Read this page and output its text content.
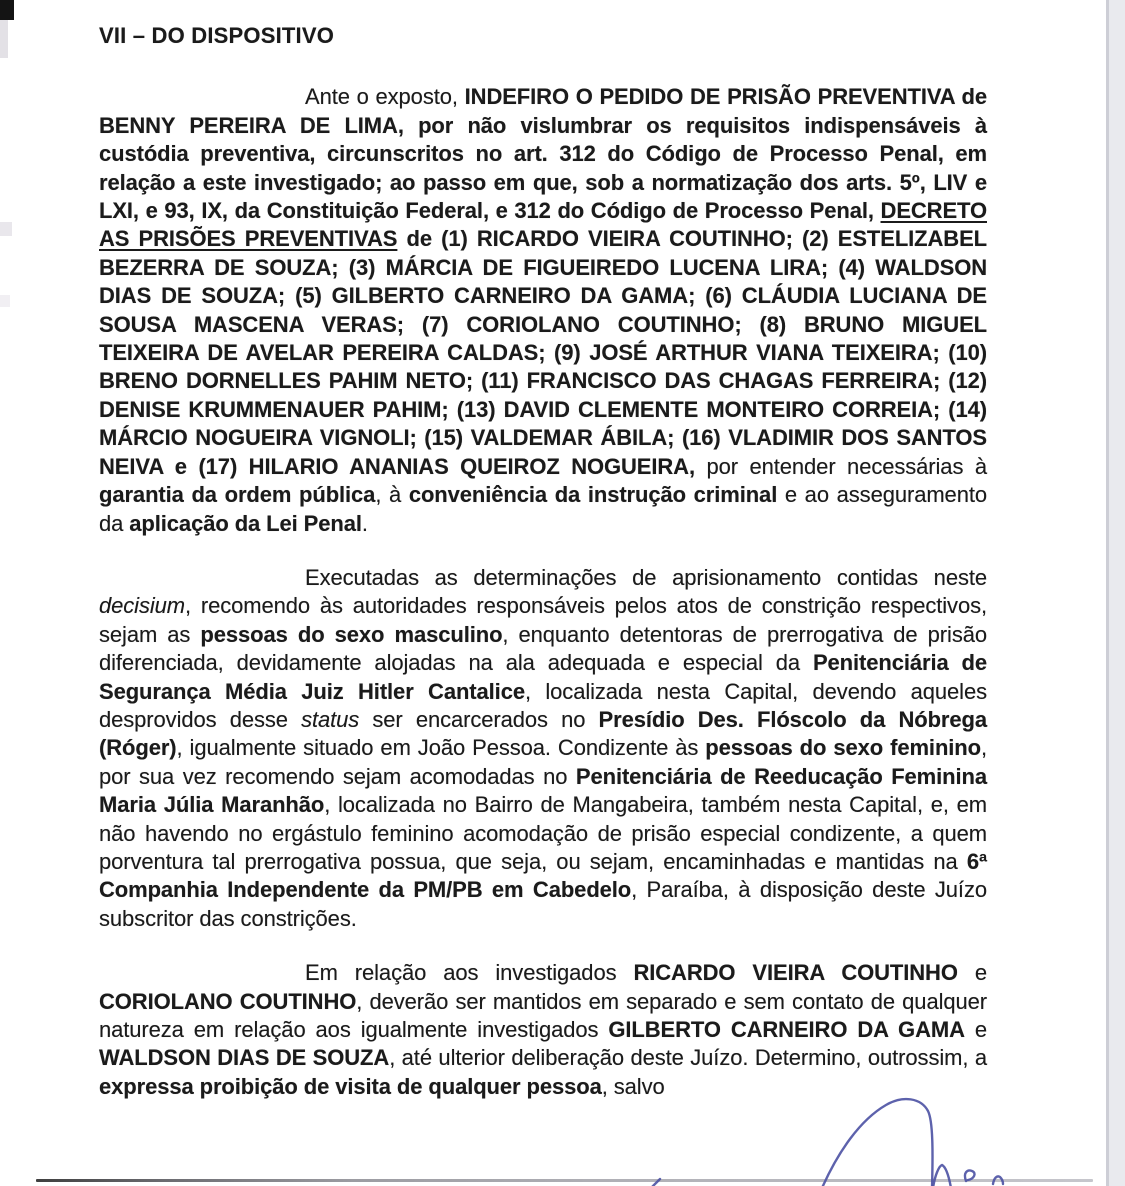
VII – DO DISPOSITIVO

Ante o exposto, INDEFIRO O PEDIDO DE PRISÃO PREVENTIVA de BENNY PEREIRA DE LIMA, por não vislumbrar os requisitos indispensáveis à custódia preventiva, circunscritos no art. 312 do Código de Processo Penal, em relação a este investigado; ao passo em que, sob a normatização dos arts. 5º, LIV e LXI, e 93, IX, da Constituição Federal, e 312 do Código de Processo Penal, DECRETO AS PRISÕES PREVENTIVAS de (1) RICARDO VIEIRA COUTINHO; (2) ESTELIZABEL BEZERRA DE SOUZA; (3) MÁRCIA DE FIGUEIREDO LUCENA LIRA; (4) WALDSON DIAS DE SOUZA; (5) GILBERTO CARNEIRO DA GAMA; (6) CLÁUDIA LUCIANA DE SOUSA MASCENA VERAS; (7) CORIOLANO COUTINHO; (8) BRUNO MIGUEL TEIXEIRA DE AVELAR PEREIRA CALDAS; (9) JOSÉ ARTHUR VIANA TEIXEIRA; (10) BRENO DORNELLES PAHIM NETO; (11) FRANCISCO DAS CHAGAS FERREIRA; (12) DENISE KRUMMENAUER PAHIM; (13) DAVID CLEMENTE MONTEIRO CORREIA; (14) MÁRCIO NOGUEIRA VIGNOLI; (15) VALDEMAR ÁBILA; (16) VLADIMIR DOS SANTOS NEIVA e (17) HILARIO ANANIAS QUEIROZ NOGUEIRA, por entender necessárias à garantia da ordem pública, à conveniência da instrução criminal e ao asseguramento da aplicação da Lei Penal.

Executadas as determinações de aprisionamento contidas neste decisium, recomendo às autoridades responsáveis pelos atos de constrição respectivos, sejam as pessoas do sexo masculino, enquanto detentoras de prerrogativa de prisão diferenciada, devidamente alojadas na ala adequada e especial da Penitenciária de Segurança Média Juiz Hitler Cantalice, localizada nesta Capital, devendo aqueles desprovidos desse status ser encarcerados no Presídio Des. Flóscolo da Nóbrega (Róger), igualmente situado em João Pessoa. Condizente às pessoas do sexo feminino, por sua vez recomendo sejam acomodadas no Penitenciária de Reeducação Feminina Maria Júlia Maranhão, localizada no Bairro de Mangabeira, também nesta Capital, e, em não havendo no ergástulo feminino acomodação de prisão especial condizente, a quem porventura tal prerrogativa possua, que seja, ou sejam, encaminhadas e mantidas na 6ª Companhia Independente da PM/PB em Cabedelo, Paraíba, à disposição deste Juízo subscritor das constrições.

Em relação aos investigados RICARDO VIEIRA COUTINHO e CORIOLANO COUTINHO, deverão ser mantidos em separado e sem contato de qualquer natureza em relação aos igualmente investigados GILBERTO CARNEIRO DA GAMA e WALDSON DIAS DE SOUZA, até ulterior deliberação deste Juízo. Determino, outrossim, a expressa proibição de visita de qualquer pessoa, salvo
